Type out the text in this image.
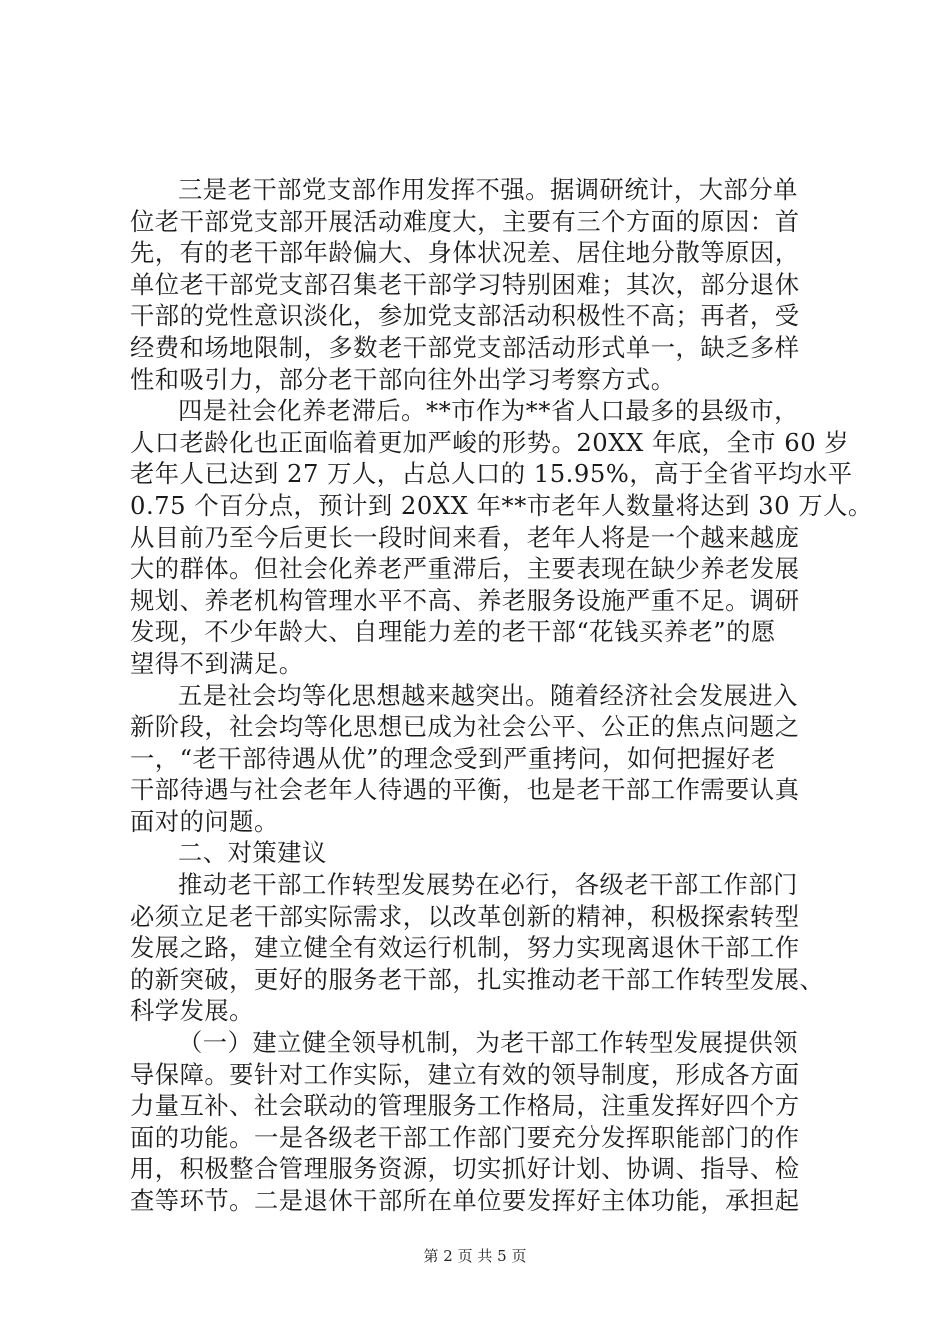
三是老干部党支部作用发挥不强。据调研统计，大部分单
位老干部党支部开展活动难度大，主要有三个方面的原因：首
先，有的老干部年龄偏大、身体状况差、居住地分散等原因，
单位老干部党支部召集老干部学习特别困难；其次，部分退休
干部的党性意识淡化，参加党支部活动积极性不高；再者，受
经费和场地限制，多数老干部党支部活动形式单一，缺乏多样
性和吸引力，部分老干部向往外出学习考察方式。
四是社会化养老滞后。**市作为**省人口最多的县级市，
人口老龄化也正面临着更加严峻的形势。20XX 年底，全市 60 岁
老年人已达到 27 万人，占总人口的 15.95%，高于全省平均水平
0.75 个百分点，预计到 20XX 年**市老年人数量将达到 30 万人。
从目前乃至今后更长一段时间来看，老年人将是一个越来越庞
大的群体。但社会化养老严重滞后，主要表现在缺少养老发展
规划、养老机构管理水平不高、养老服务设施严重不足。调研
发现，不少年龄大、自理能力差的老干部“花钱买养老”的愿
望得不到满足。
五是社会均等化思想越来越突出。随着经济社会发展进入
新阶段，社会均等化思想已成为社会公平、公正的焦点问题之
一，“老干部待遇从优”的理念受到严重拷问，如何把握好老
干部待遇与社会老年人待遇的平衡，也是老干部工作需要认真
面对的问题。
二、对策建议
推动老干部工作转型发展势在必行，各级老干部工作部门
必须立足老干部实际需求，以改革创新的精神，积极探索转型
发展之路，建立健全有效运行机制，努力实现离退休干部工作
的新突破，更好的服务老干部，扎实推动老干部工作转型发展、
科学发展。
（一）建立健全领导机制，为老干部工作转型发展提供领
导保障。要针对工作实际，建立有效的领导制度，形成各方面
力量互补、社会联动的管理服务工作格局，注重发挥好四个方
面的功能。一是各级老干部工作部门要充分发挥职能部门的作
用，积极整合管理服务资源，切实抓好计划、协调、指导、检
查等环节。二是退休干部所在单位要发挥好主体功能，承担起
第 2 页 共 5 页
